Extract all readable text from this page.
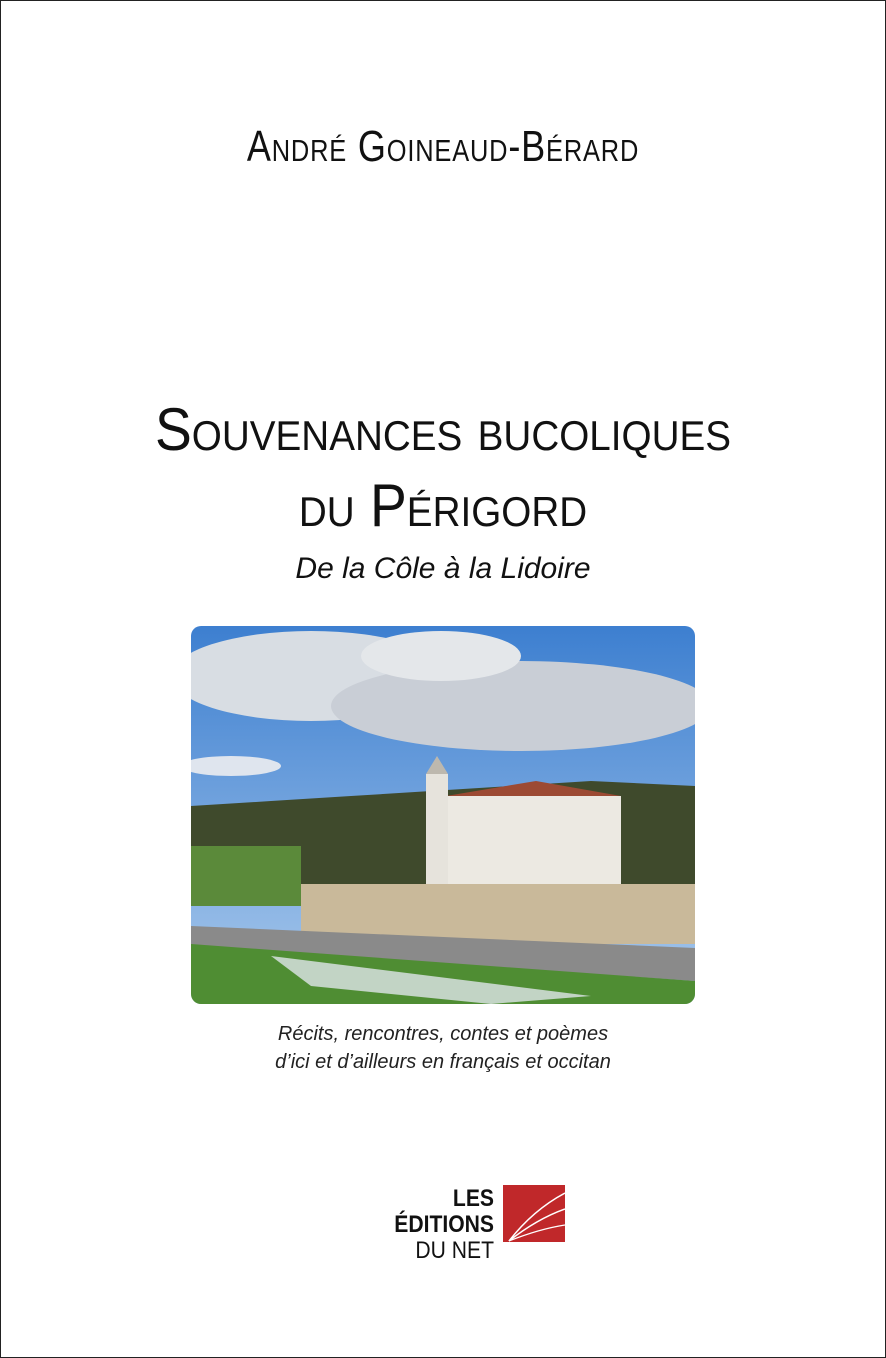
André Goineaud-Bérard
Souvenances bucoliques
du Périgord
De la Côle à la Lidoire
Récits, rencontres, contes et poèmes
d’ici et d’ailleurs en français et occitan
LES ÉDITIONS
DU NET
